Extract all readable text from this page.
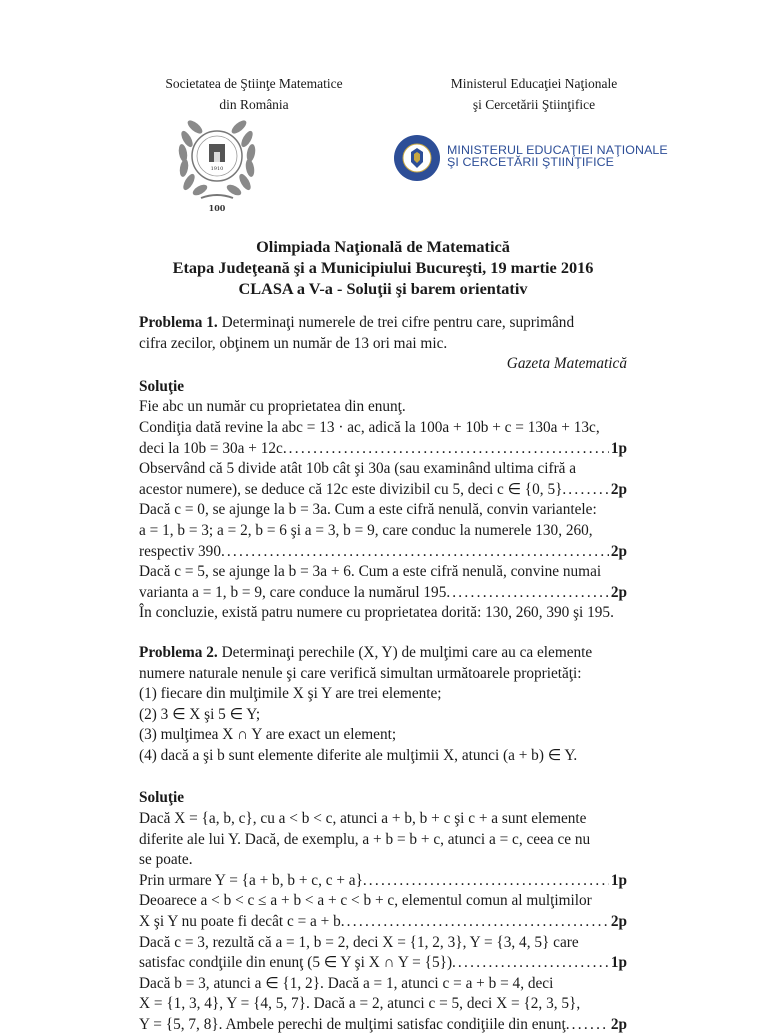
Societatea de Ştiinţe Matematice
din România
1910
100
Ministerul Educaţiei Naţionale
şi Cercetării Ştiinţifice
MINISTERUL EDUCAŢIEI NAŢIONALE
ŞI CERCETĂRII ŞTIINŢIFICE
Olimpiada Naţională de Matematică
Etapa Judeţeană şi a Municipiului Bucureşti, 19 martie 2016
CLASA a V-a - Soluţii şi barem orientativ
Problema 1. Determinaţi numerele de trei cifre pentru care, suprimând
cifra zecilor, obţinem un număr de 13 ori mai mic.
Gazeta Matematică
Soluţie
Fie abc un număr cu proprietatea din enunţ.
Condiţia dată revine la abc = 13 · ac, adică la 100a + 10b + c = 130a + 13c,
deci la 10b = 30a + 12c. .....	1p
Observând că 5 divide atât 10b cât şi 30a (sau examinând ultima cifră a
acestor numere), se deduce că 12c este divizibil cu 5, deci c ∈ {0, 5}. .....	2p
Dacă c = 0, se ajunge la b = 3a. Cum a este cifră nenulă, convin variantele:
a = 1, b = 3; a = 2, b = 6 şi a = 3, b = 9, care conduc la numerele 130, 260,
respectiv 390. .....	2p
Dacă c = 5, se ajunge la b = 3a + 6. Cum a este cifră nenulă, convine numai
varianta a = 1, b = 9, care conduce la numărul 195. .....	2p
În concluzie, există patru numere cu proprietatea dorită: 130, 260, 390 şi 195.
Problema 2. Determinaţi perechile (X, Y) de mulţimi care au ca elemente
numere naturale nenule şi care verifică simultan următoarele proprietăţi:
(1) fiecare din mulţimile X şi Y are trei elemente;
(2) 3 ∈ X şi 5 ∈ Y;
(3) mulţimea X ∩ Y are exact un element;
(4) dacă a şi b sunt elemente diferite ale mulţimii X, atunci (a + b) ∈ Y.
Soluţie
Dacă X = {a, b, c}, cu a < b < c, atunci a + b, b + c şi c + a sunt elemente
diferite ale lui Y. Dacă, de exemplu, a + b = b + c, atunci a = c, ceea ce nu
se poate.
Prin urmare Y = {a + b, b + c, c + a}. .....	1p
Deoarece a < b < c ≤ a + b < a + c < b + c, elementul comun al mulţimilor
X şi Y nu poate fi decât c = a + b. .....	2p
Dacă c = 3, rezultă că a = 1, b = 2, deci X = {1, 2, 3}, Y = {3, 4, 5} care
satisfac condţiile din enunţ (5 ∈ Y şi X ∩ Y = {5}). .....	1p
Dacă b = 3, atunci a ∈ {1, 2}. Dacă a = 1, atunci c = a + b = 4, deci
X = {1, 3, 4}, Y = {4, 5, 7}. Dacă a = 2, atunci c = 5, deci X = {2, 3, 5},
Y = {5, 7, 8}. Ambele perechi de mulţimi satisfac condiţiile din enunţ. .....	2p
